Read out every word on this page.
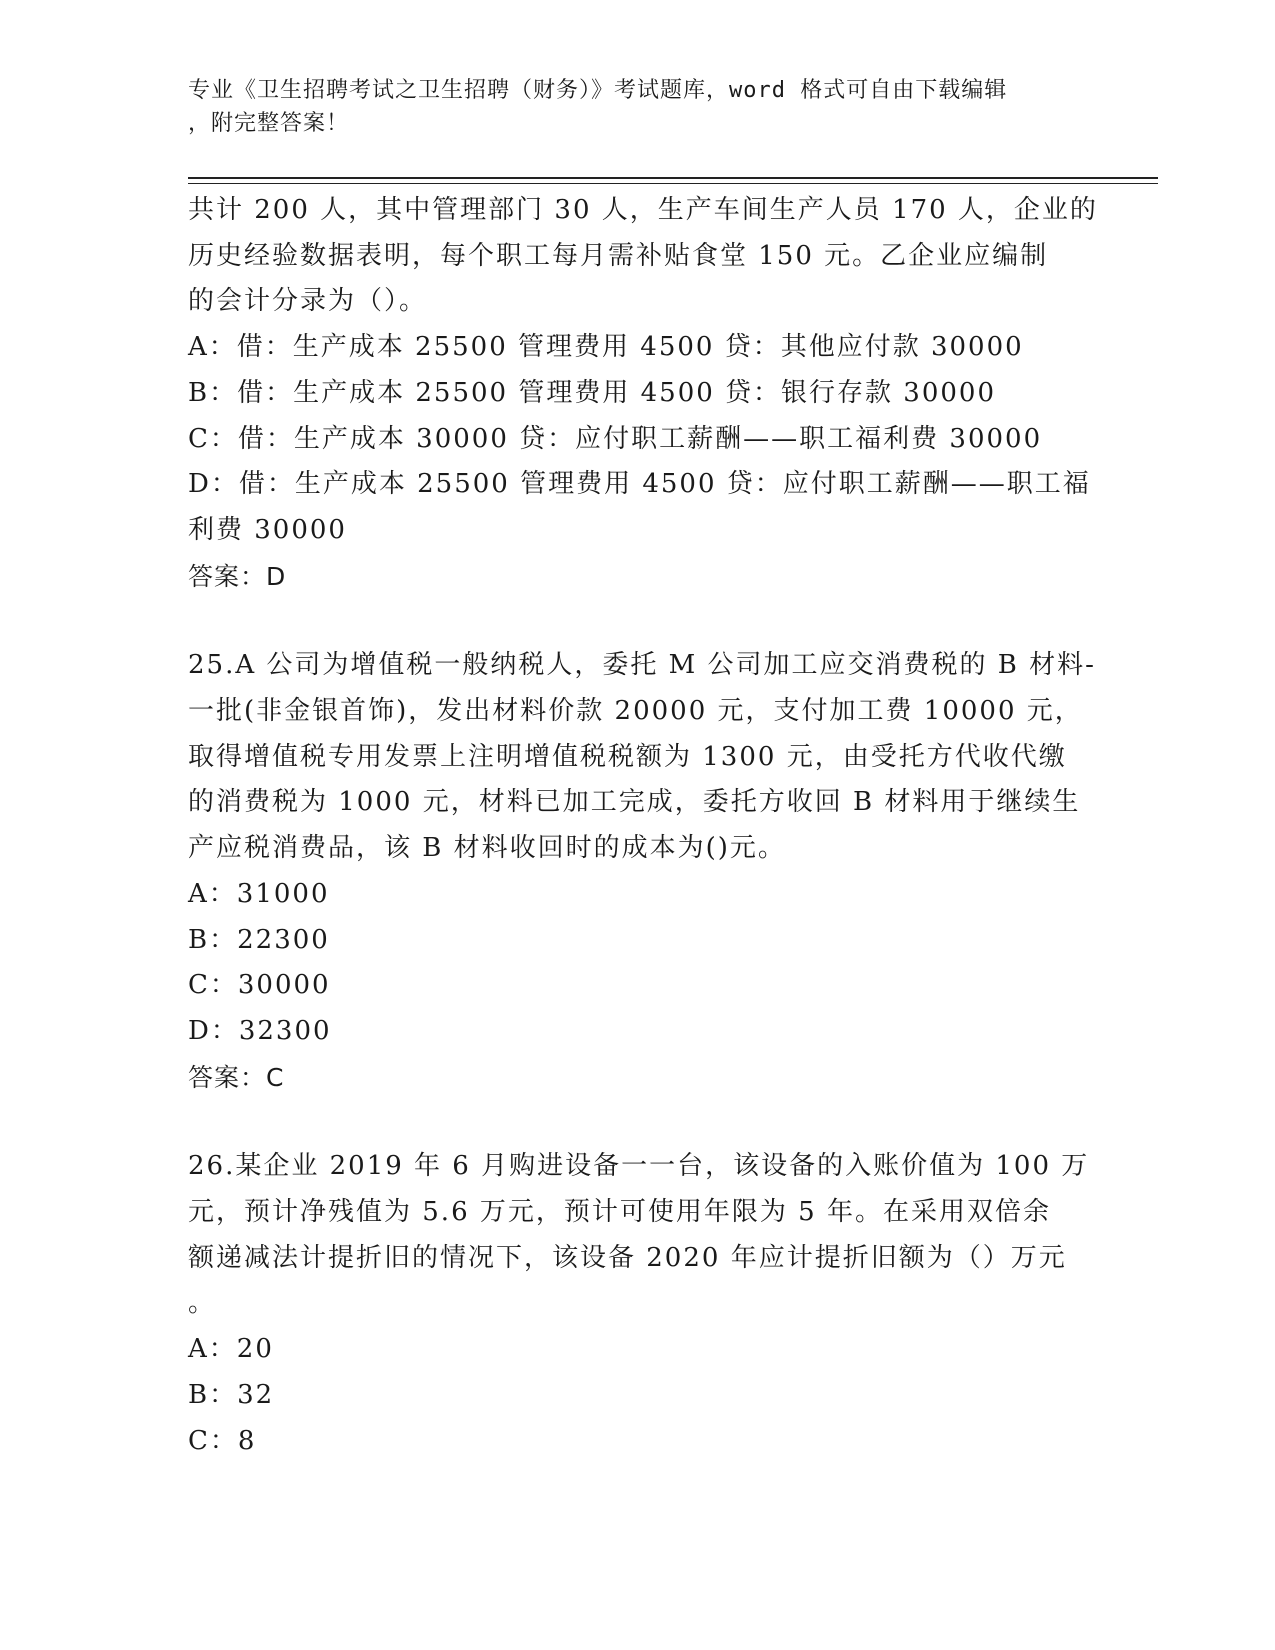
专业《卫生招聘考试之卫生招聘（财务）》考试题库，word 格式可自由下载编辑
，附完整答案！
共计 200 人，其中管理部门 30 人，生产车间生产人员 170 人，企业的
历史经验数据表明，每个职工每月需补贴食堂 150 元。乙企业应编制
的会计分录为（）。
A：借：生产成本 25500 管理费用 4500 贷：其他应付款 30000
B：借：生产成本 25500 管理费用 4500 贷：银行存款 30000
C：借：生产成本 30000 贷：应付职工薪酬——职工福利费 30000
D：借：生产成本 25500 管理费用 4500 贷：应付职工薪酬——职工福
利费 30000
答案：D
25.A 公司为增值税一般纳税人，委托 M 公司加工应交消费税的 B 材料-
一批(非金银首饰)，发出材料价款 20000 元，支付加工费 10000 元，
取得增值税专用发票上注明增值税税额为 1300 元，由受托方代收代缴
的消费税为 1000 元，材料已加工完成，委托方收回 B 材料用于继续生
产应税消费品，该 B 材料收回时的成本为()元。
A：31000
B：22300
C：30000
D：32300
答案：C
26.某企业 2019 年 6 月购进设备一一台，该设备的入账价值为 100 万
元，预计净残值为 5.6 万元，预计可使用年限为 5 年。在采用双倍余
额递减法计提折旧的情况下，该设备 2020 年应计提折旧额为（）万元
。
A：20
B：32
C：8
